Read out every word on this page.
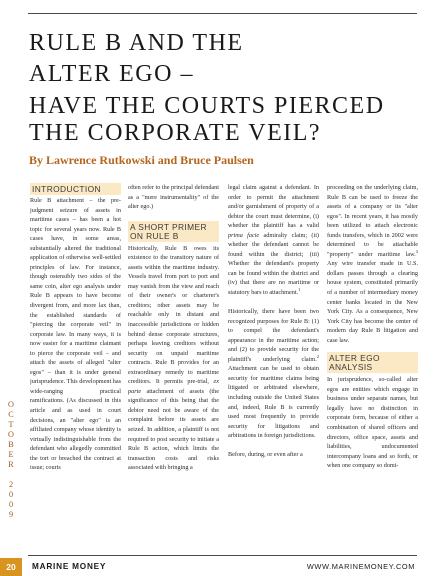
RULE B AND THE
ALTER EGO –
HAVE THE COURTS PIERCED
THE CORPORATE VEIL?

By Lawrence Rutkowski and Bruce Paulsen

INTRODUCTION

Rule B attachment – the pre-judgment seizure of assets in maritime cases – has been a hot topic for several years now. Rule B cases have, in some areas, substantially altered the traditional application of otherwise well-settled principles of law. For instance, though ostensibly two sides of the same coin, alter ego analysis under Rule B appears to have become divergent from, and more lax than, the established standards of "piercing the corporate veil" in corporate law. In many ways, it is now easier for a maritime claimant to pierce the corporate veil – and attach the assets of alleged "alter egos" – than it is under general jurisprudence. This development has wide-ranging practical ramifications. (As discussed in this article and as used in court decisions, an "alter ego" is an affiliated company whose identity is virtually indistinguishable from the defendant who allegedly committed the tort or breached the contract at issue; courts

often refer to the principal defendant as a "mere instrumentality" of the alter ego.)

A SHORT PRIMER
ON RULE B

Historically, Rule B owes its existence to the transitory nature of assets within the maritime industry. Vessels travel from port to port and may vanish from the view and reach of their owner's or charterer's creditors; other assets may be reachable only in distant and inaccessible jurisdictions or hidden behind dense corporate structures, perhaps leaving creditors without security on unpaid maritime contracts. Rule B provides for an extraordinary remedy to maritime creditors. It permits pre-trial, ex parte attachment of assets (the significance of this being that the debtor need not be aware of the complaint before its assets are seized. In addition, a plaintiff is not required to post security to initiate a Rule B action, which limits the transaction costs and risks associated with bringing a

legal claim against a defendant. In order to permit the attachment and/or garnishment of property of a debtor the court must determine, (i) whether the plaintiff has a valid prima facie admiralty claim; (ii) whether the defendant cannot be found within the district; (iii) Whether the defendant's property can be found within the district and (iv) that there are no maritime or statutory bars to attachment.$^1$

Historically, there have been two recognized purposes for Rule B: (1) to compel the defendant's appearance in the maritime action; and (2) to provide security for the plaintiff's underlying claim.$^2$ Attachment can be used to obtain security for maritime claims being litigated or arbitrated elsewhere, including outside the United States and, indeed, Rule B is currently used most frequently to provide security for litigations and arbitrations in foreign jurisdictions.

Before, during, or even after a

proceeding on the underlying claim, Rule B can be used to freeze the assets of a company or its "alter egos". In recent years, it has mostly been utilized to attach electronic funds transfers, which in 2002 were determined to be attachable "property" under maritime law.$^3$ Any wire transfer made in U.S. dollars passes through a clearing house system, constituted primarily of a number of intermediary money center banks located in the New York City. As a consequence, New York City has become the center of modern day Rule B litigation and case law.

ALTER EGO
ANALYSIS

In jurisprudence, so-called alter egos are entities which engage in business under separate names, but legally have no distinction in corporate form, because of either a combination of shared officers and directors, office space, assets and liabilities, undocumented intercompany loans and so forth, or when one company so domi-

O
C
T
O
B
E
R

2
0
0
9
20	MARINE MONEY	WWW.MARINEMONEY.COM
